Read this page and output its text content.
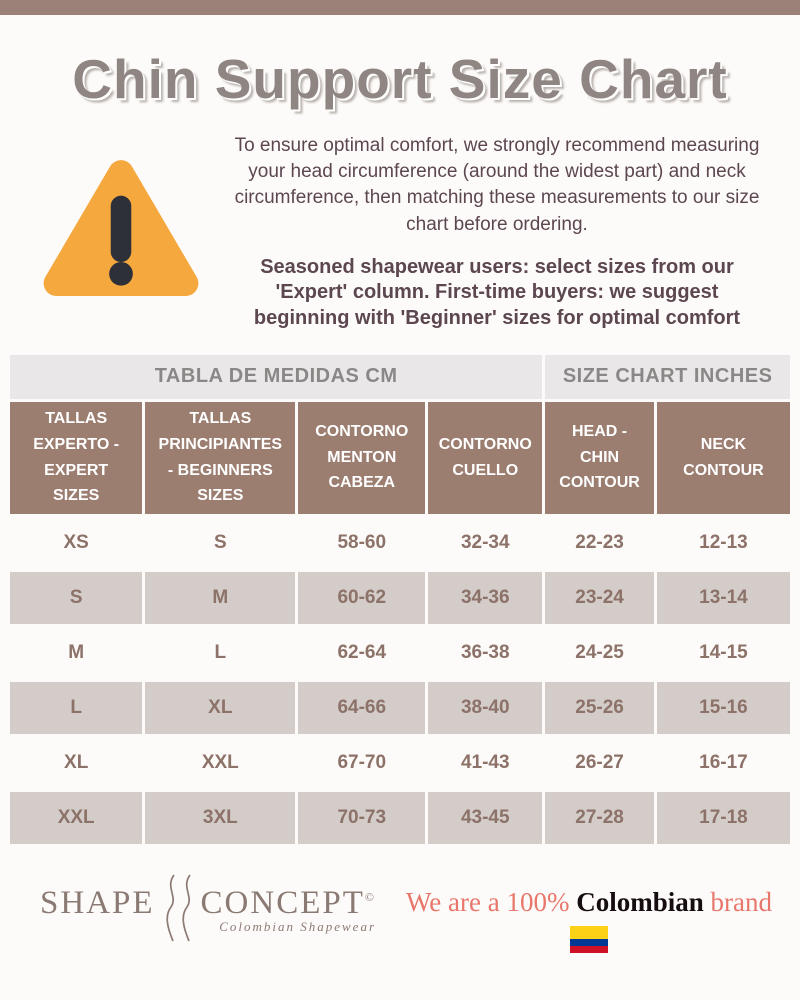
Chin Support Size Chart

To ensure optimal comfort, we strongly recommend measuring your head circumference (around the widest part) and neck circumference, then matching these measurements to our size chart before ordering.

Seasoned shapewear users: select sizes from our 'Expert' column. First-time buyers: we suggest beginning with 'Beginner' sizes for optimal comfort

TABLA DE MEDIDAS CM				SIZE CHART INCHES	
TALLAS EXPERTO - EXPERT SIZES	TALLAS PRINCIPIANTES - BEGINNERS SIZES	CONTORNO MENTON CABEZA	CONTORNO CUELLO	HEAD - CHIN CONTOUR	NECK CONTOUR
XS	S	58-60	32-34	22-23	12-13
S	M	60-62	34-36	23-24	13-14
M	L	62-64	36-38	24-25	14-15
L	XL	64-66	38-40	25-26	15-16
XL	XXL	67-70	41-43	26-27	16-17
XXL	3XL	70-73	43-45	27-28	17-18
SHAPE CONCEPT©
Colombian Shapewear
We are a 100% Colombian brand
